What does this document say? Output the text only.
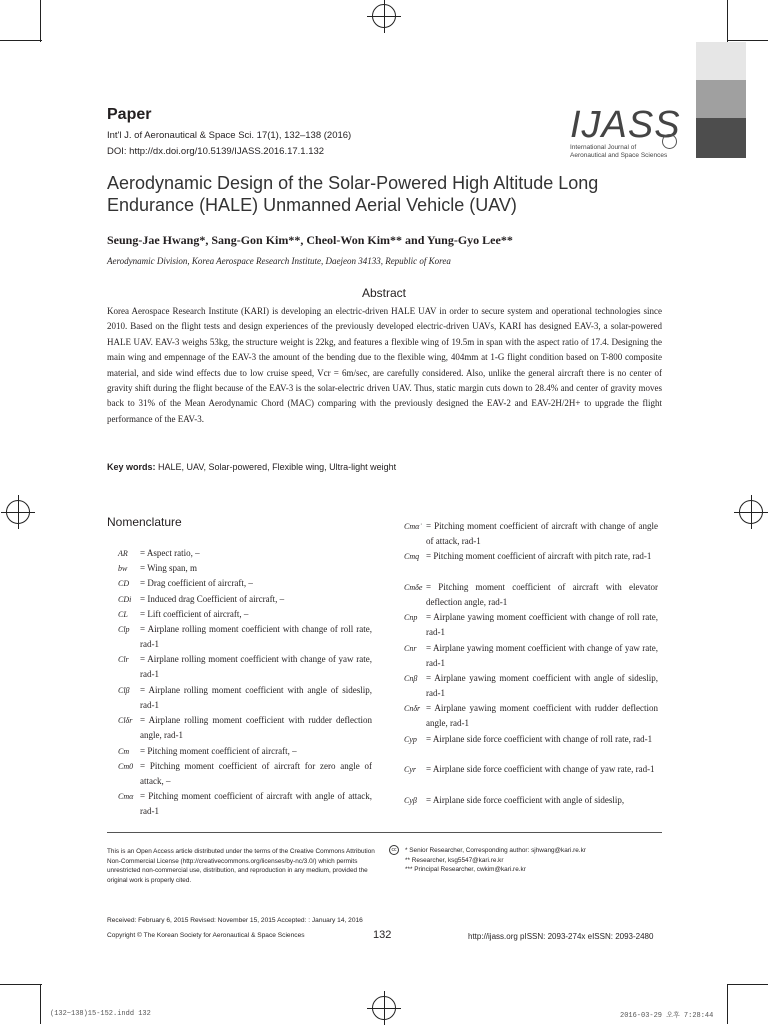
Paper
Int'l J. of Aeronautical & Space Sci. 17(1), 132–138 (2016)
DOI: http://dx.doi.org/10.5139/IJASS.2016.17.1.132
IJASS
International Journal of
Aeronautical and Space Sciences
Aerodynamic Design of the Solar-Powered High Altitude Long Endurance (HALE) Unmanned Aerial Vehicle (UAV)
Seung-Jae Hwang*, Sang-Gon Kim**, Cheol-Won Kim** and Yung-Gyo Lee**
Aerodynamic Division, Korea Aerospace Research Institute, Daejeon 34133, Republic of Korea
Abstract
Korea Aerospace Research Institute (KARI) is developing an electric-driven HALE UAV in order to secure system and operational technologies since 2010. Based on the flight tests and design experiences of the previously developed electric-driven UAVs, KARI has designed EAV-3, a solar-powered HALE UAV. EAV-3 weighs 53kg, the structure weight is 22kg, and features a flexible wing of 19.5m in span with the aspect ratio of 17.4. Designing the main wing and empennage of the EAV-3 the amount of the bending due to the flexible wing, 404mm at 1-G flight condition based on T-800 composite material, and side wind effects due to low cruise speed, Vcr = 6m/sec, are carefully considered. Also, unlike the general aircraft there is no center of gravity shift during the flight because of the EAV-3 is the solar-electric driven UAV. Thus, static margin cuts down to 28.4% and center of gravity moves back to 31% of the Mean Aerodynamic Chord (MAC) comparing with the previously designed the EAV-2 and EAV-2H/2H+ to upgrade the flight performance of the EAV-3.
Key words: HALE, UAV, Solar-powered, Flexible wing, Ultra-light weight
Nomenclature
AR	= Aspect ratio, –
bw	= Wing span, m
CD	= Drag coefficient of aircraft, –
CDi = Induced drag Coefficient of aircraft, –
CL	= Lift coefficient of aircraft, –
Clp	= Airplane rolling moment coefficient with change of roll rate, rad-1
Clr	= Airplane rolling moment coefficient with change of yaw rate, rad-1
Clβ	= Airplane rolling moment coefficient with angle of sideslip, rad-1
Clδr = Airplane rolling moment coefficient with rudder deflection angle, rad-1
Cm	= Pitching moment coefficient of aircraft, –
Cm0 = Pitching moment coefficient of aircraft for zero angle of attack, –
Cmα = Pitching moment coefficient of aircraft with angle of attack, rad-1
Cmα̇ = Pitching moment coefficient of aircraft with change of angle of attack, rad-1
Cmq = Pitching moment coefficient of aircraft with pitch rate, rad-1
Cmδe = Pitching moment coefficient of aircraft with elevator deflection angle, rad-1
Cnp = Airplane yawing moment coefficient with change of roll rate, rad-1
Cnr	= Airplane yawing moment coefficient with change of yaw rate, rad-1
Cnβ = Airplane yawing moment coefficient with angle of sideslip, rad-1
Cnδr = Airplane yawing moment coefficient with rudder deflection angle, rad-1
Cyp	= Airplane side force coefficient with change of roll rate, rad-1
Cyr	= Airplane side force coefficient with change of yaw rate, rad-1
Cyβ	= Airplane side force coefficient with angle of sideslip,
This is an Open Access article distributed under the terms of the Creative Commons Attribution Non-Commercial License (http://creativecommons.org/licenses/by-nc/3.0/) which permits unrestricted non-commercial use, distribution, and reproduction in any medium, provided the original work is properly cited.
cc	* Senior Researcher, Corresponding author: sjhwang@kari.re.kr
** Researcher, ksg5547@kari.re.kr
*** Principal Researcher, cwkim@kari.re.kr
Received: February 6, 2015 Revised: November 15, 2015 Accepted: : January 14, 2016
Copyright © The Korean Society for Aeronautical & Space Sciences	132	http://ijass.org pISSN: 2093-274x eISSN: 2093-2480
(132~138)15-152.indd 132	2016-03-29 오후 7:28:44
